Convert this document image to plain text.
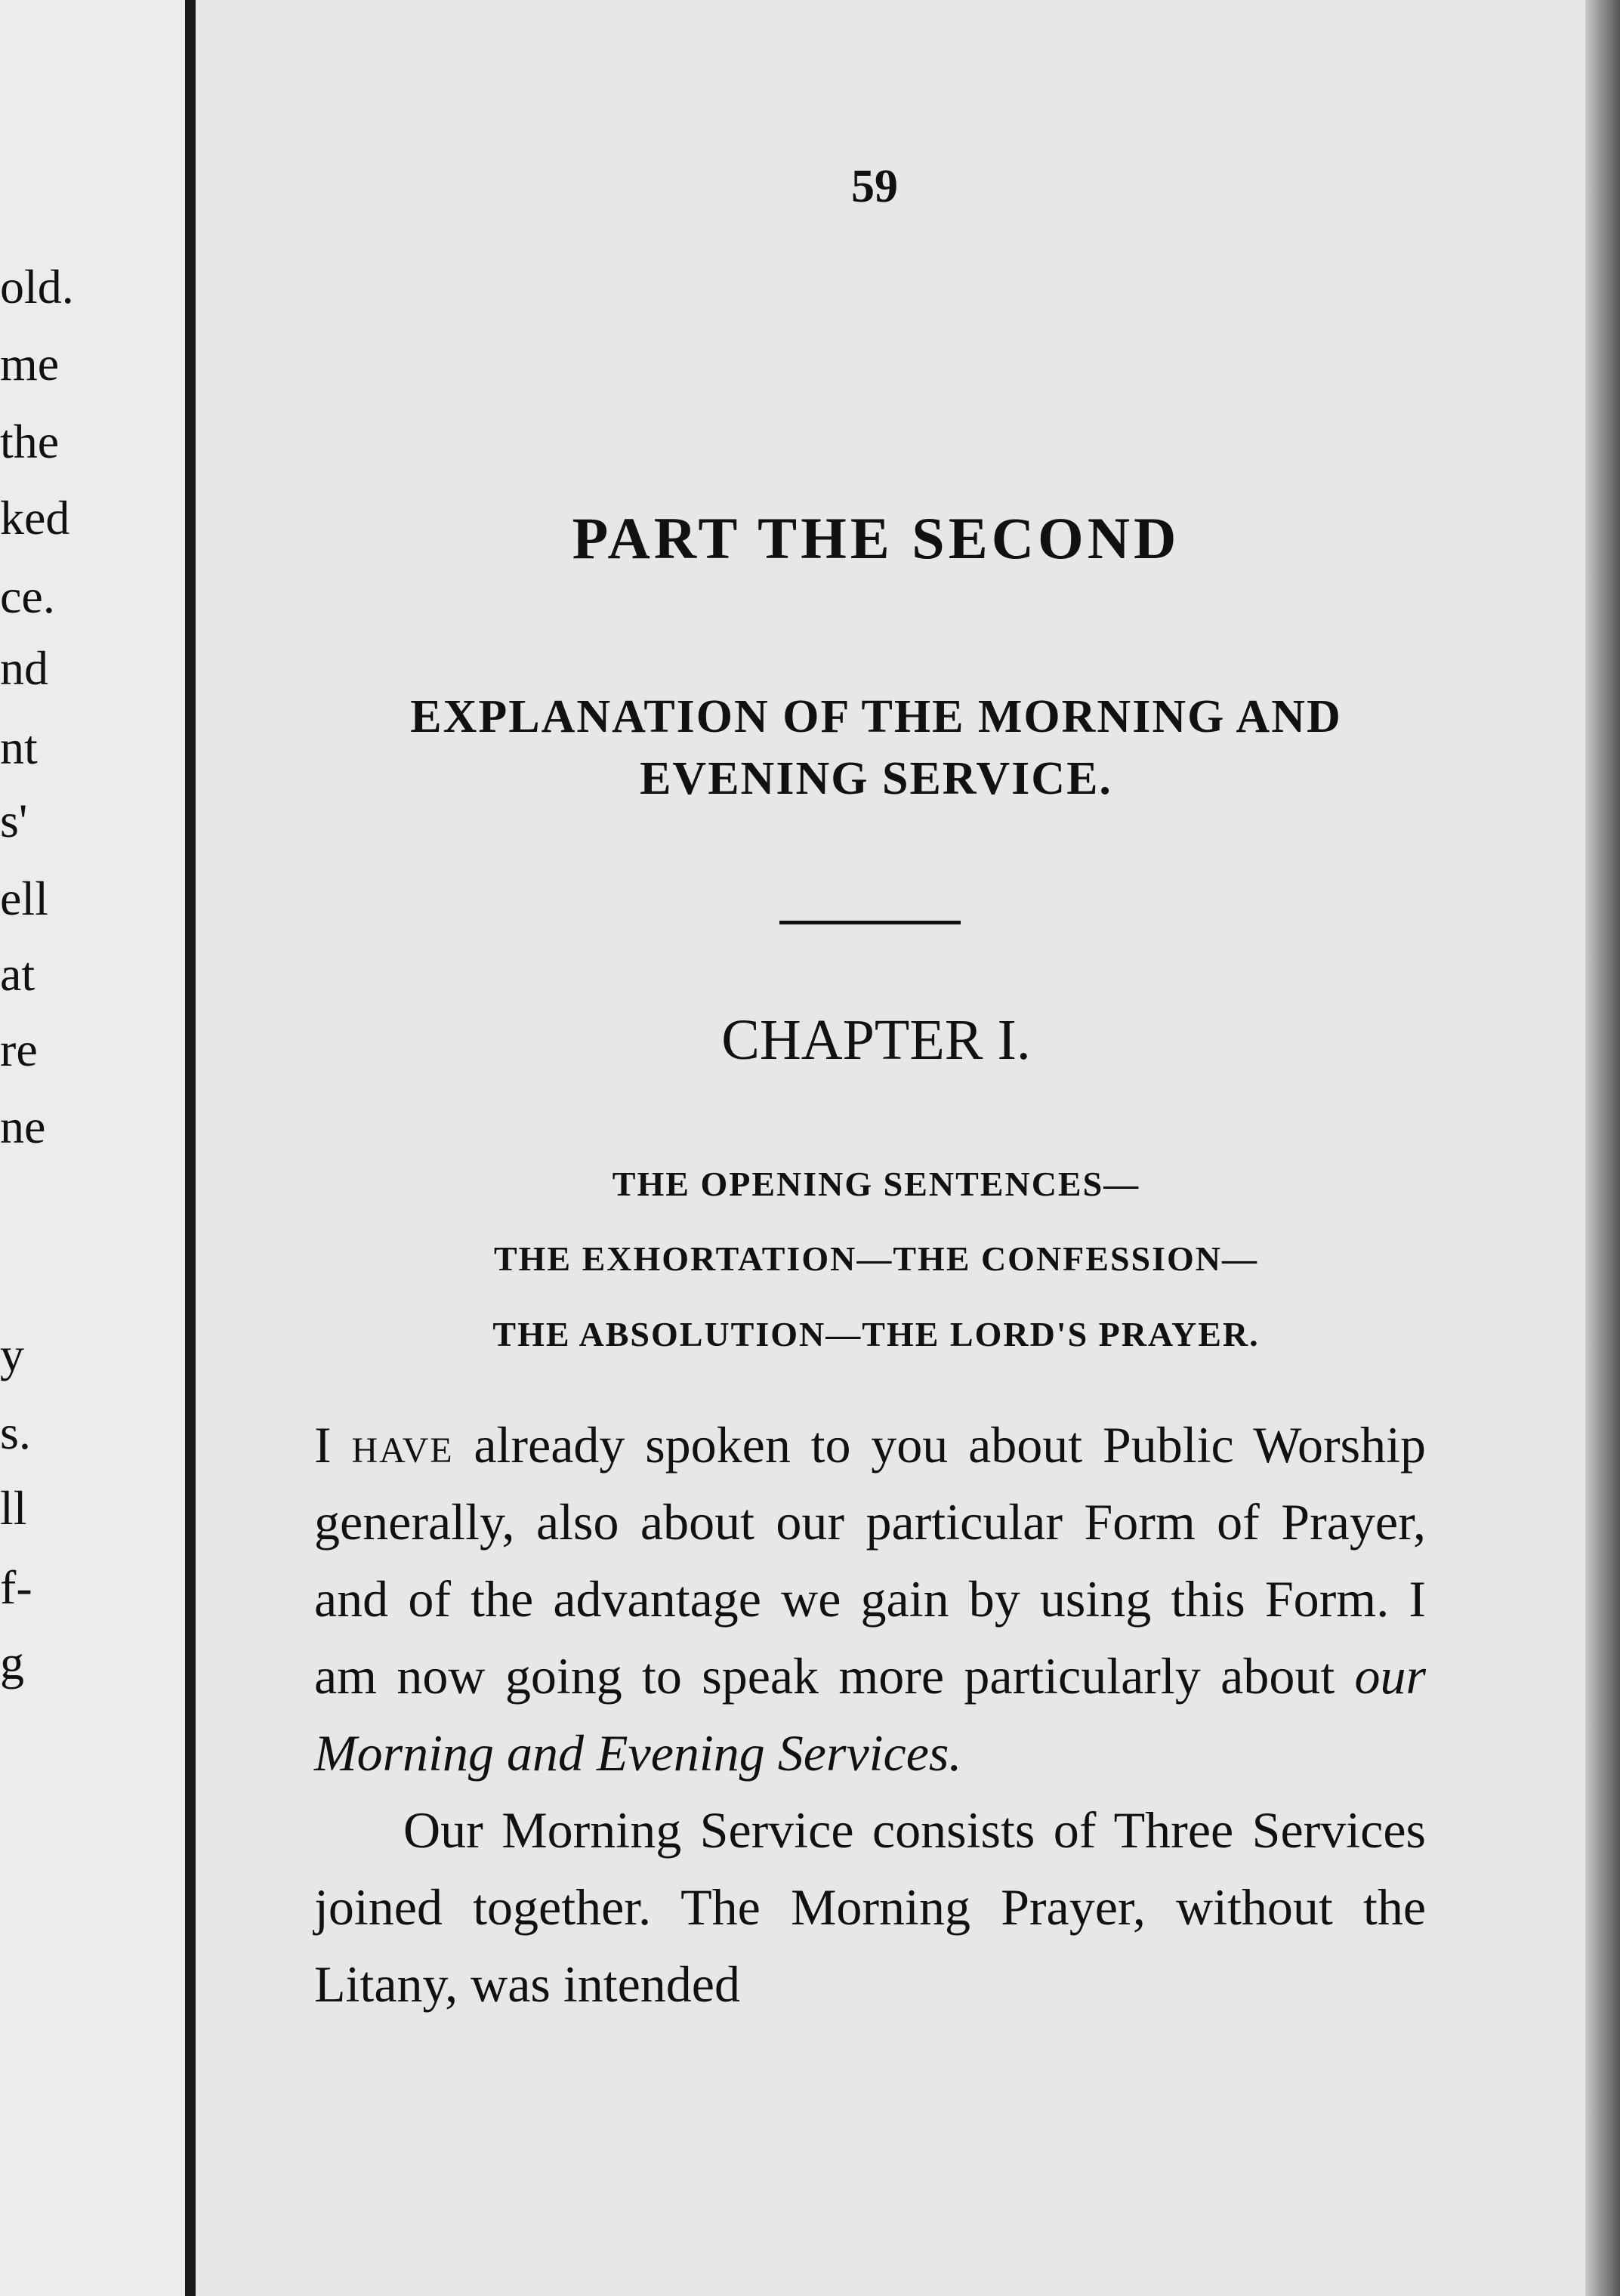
old.
me
the
ked
ce.
nd
nt
s'
ell
at
re
ne
y
s.
ll
f-
g
59
PART THE SECOND
EXPLANATION OF THE MORNING AND
EVENING SERVICE.
CHAPTER I.
THE OPENING SENTENCES—
THE EXHORTATION—THE CONFESSION—
THE ABSOLUTION—THE LORD'S PRAYER.

I have already spoken to you about Public Worship generally, also about our particular Form of Prayer, and of the advantage we gain by using this Form. I am now going to speak more particularly about our Morning and Evening Services.

Our Morning Service consists of Three Services joined together. The Morning Prayer, without the Litany, was intended
